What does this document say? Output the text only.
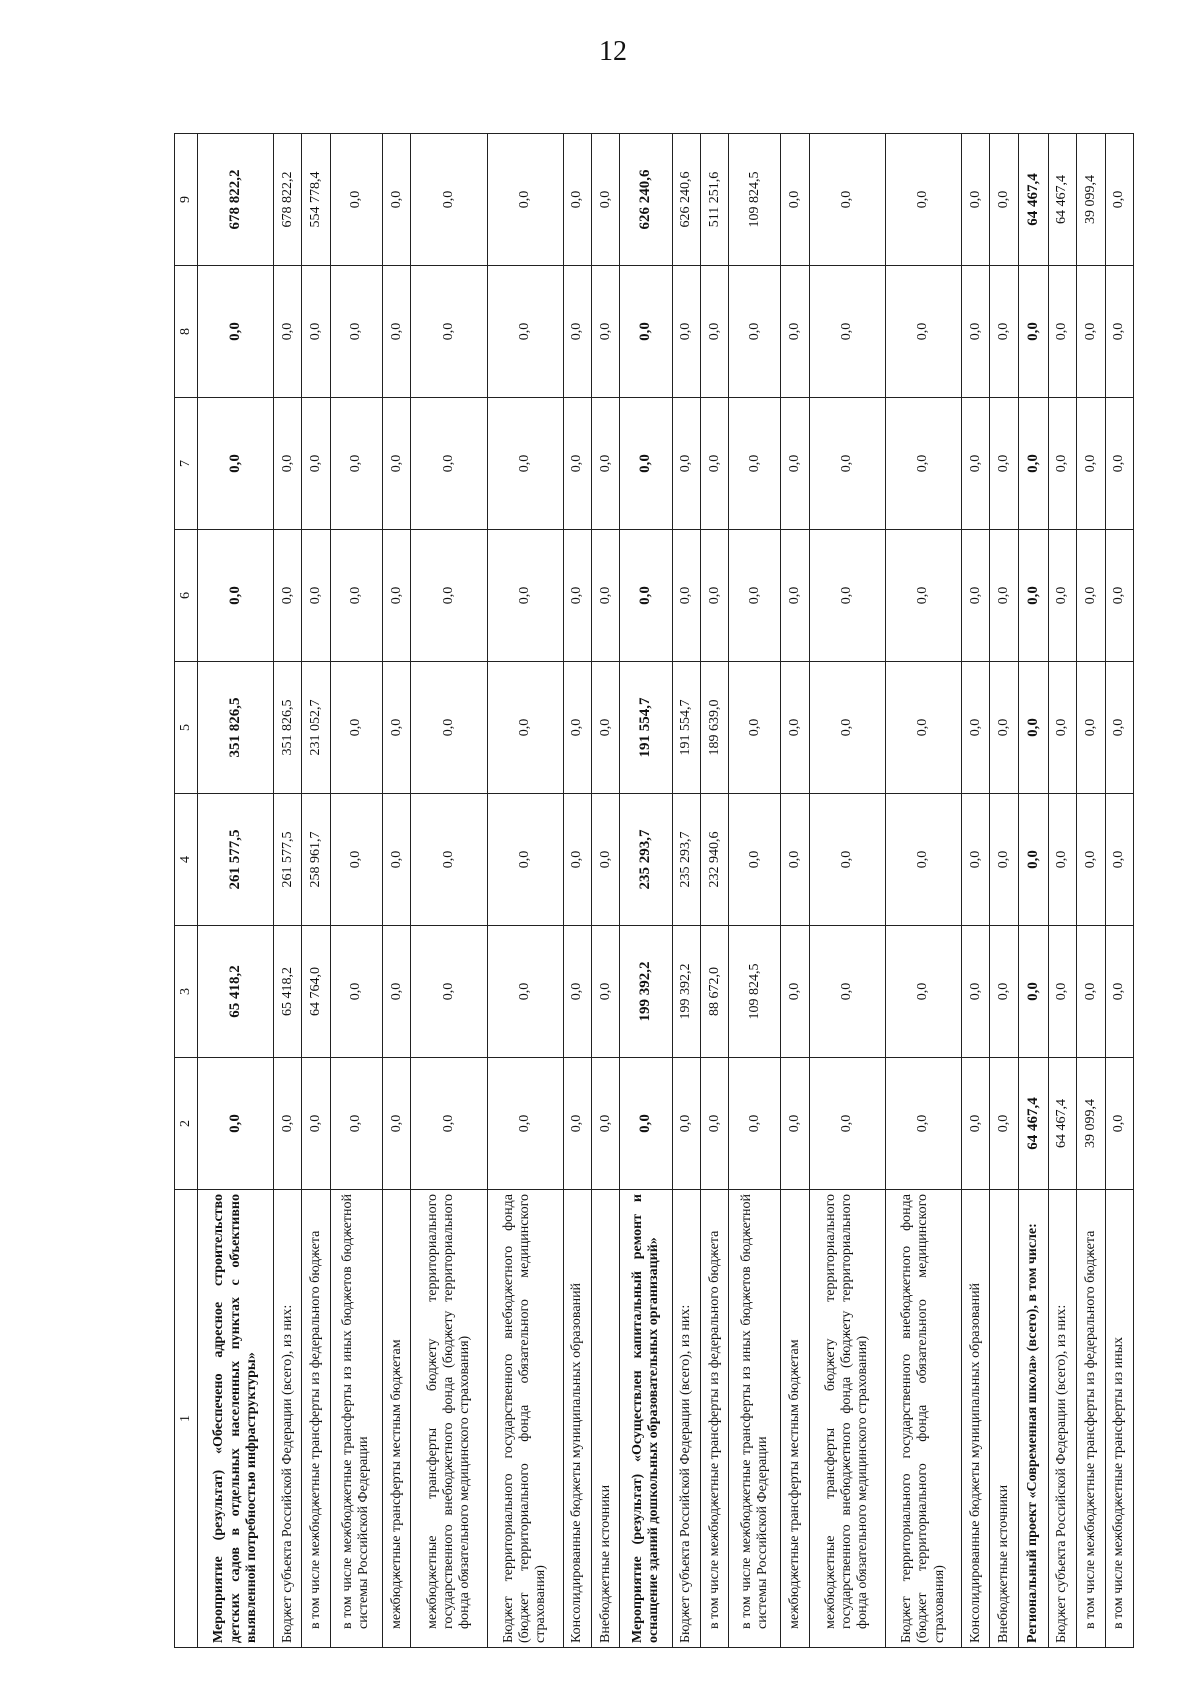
12
1	2	3	4	5	6	7	8	9
Мероприятие (результат) «Обеспечено адресное строительство детских садов в отдельных населенных пунктах с объективно выявленной потребностью инфраструктуры»	0,0	65 418,2	261 577,5	351 826,5	0,0	0,0	0,0	678 822,2
Бюджет субъекта Российской Федерации (всего), из них:	0,0	65 418,2	261 577,5	351 826,5	0,0	0,0	0,0	678 822,2
в том числе межбюджетные трансферты из федерального бюджета	0,0	64 764,0	258 961,7	231 052,7	0,0	0,0	0,0	554 778,4
в том числе межбюджетные трансферты из иных бюджетов бюджетной системы Российской Федерации	0,0	0,0	0,0	0,0	0,0	0,0	0,0	0,0
межбюджетные трансферты местным бюджетам	0,0	0,0	0,0	0,0	0,0	0,0	0,0	0,0
межбюджетные трансферты бюджету территориального государственного внебюджетного фонда (бюджету территориального фонда обязательного медицинского страхования)	0,0	0,0	0,0	0,0	0,0	0,0	0,0	0,0
Бюджет территориального государственного внебюджетного фонда (бюджет территориального фонда обязательного медицинского страхования)	0,0	0,0	0,0	0,0	0,0	0,0	0,0	0,0
Консолидированные бюджеты муниципальных образований	0,0	0,0	0,0	0,0	0,0	0,0	0,0	0,0
Внебюджетные источники	0,0	0,0	0,0	0,0	0,0	0,0	0,0	0,0
Мероприятие (результат) «Осуществлен капитальный ремонт и оснащение зданий дошкольных образовательных организаций»	0,0	199 392,2	235 293,7	191 554,7	0,0	0,0	0,0	626 240,6
Бюджет субъекта Российской Федерации (всего), из них:	0,0	199 392,2	235 293,7	191 554,7	0,0	0,0	0,0	626 240,6
в том числе межбюджетные трансферты из федерального бюджета	0,0	88 672,0	232 940,6	189 639,0	0,0	0,0	0,0	511 251,6
в том числе межбюджетные трансферты из иных бюджетов бюджетной системы Российской Федерации	0,0	109 824,5	0,0	0,0	0,0	0,0	0,0	109 824,5
межбюджетные трансферты местным бюджетам	0,0	0,0	0,0	0,0	0,0	0,0	0,0	0,0
межбюджетные трансферты бюджету территориального государственного внебюджетного фонда (бюджету территориального фонда обязательного медицинского страхования)	0,0	0,0	0,0	0,0	0,0	0,0	0,0	0,0
Бюджет территориального государственного внебюджетного фонда (бюджет территориального фонда обязательного медицинского страхования)	0,0	0,0	0,0	0,0	0,0	0,0	0,0	0,0
Консолидированные бюджеты муниципальных образований	0,0	0,0	0,0	0,0	0,0	0,0	0,0	0,0
Внебюджетные источники	0,0	0,0	0,0	0,0	0,0	0,0	0,0	0,0
Региональный проект «Современная школа» (всего), в том числе:	64 467,4	0,0	0,0	0,0	0,0	0,0	0,0	64 467,4
Бюджет субъекта Российской Федерации (всего), из них:	64 467,4	0,0	0,0	0,0	0,0	0,0	0,0	64 467,4
в том числе межбюджетные трансферты из федерального бюджета	39 099,4	0,0	0,0	0,0	0,0	0,0	0,0	39 099,4
в том числе межбюджетные трансферты из иных	0,0	0,0	0,0	0,0	0,0	0,0	0,0	0,0
